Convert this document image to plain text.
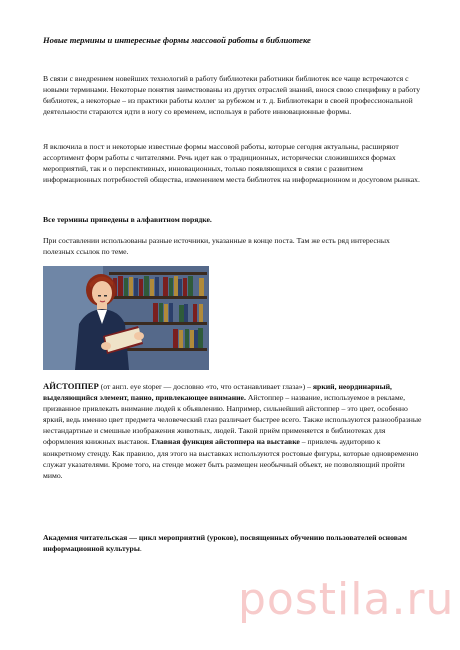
Новые термины и интересные формы массовой работы в библиотеке

В связи с внедрением новейших технологий в работу библиотеки работники библиотек все чаще встречаются с новыми терминами. Некоторые понятия заимствованы из других отраслей знаний, внося свою специфику в работу библиотек, а некоторые – из практики работы коллег за рубежом и т. д. Библиотекари в своей профессиональной деятельности стараются идти в ногу со временем, используя в работе инновационные формы.

Я включила в пост и некоторые известные формы массовой работы, которые сегодня актуальны, расширяют ассортимент форм работы с читателями. Речь идет как о традиционных, исторически сложившихся формах мероприятий, так и о перспективных, инновационных, только появляющихся в связи с развитием информационных потребностей общества, изменением места библиотек на информационном и досуговом рынках.

Все термины приведены в алфавитном порядке.

При составлении использованы разные источники, указанные в конце поста. Там же есть ряд интересных полезных ссылок по теме.

АЙСТОППЕР (от англ. eye stoper — дословно «то, что останавливает глаза») – яркий, неординарный, выделяющийся элемент, панно, привлекающее внимание. Айстоппер – название, используемое в рекламе, призванное привлекать внимание людей к объявлению. Например, сильнейший айстоппер – это цвет, особенно яркий, ведь именно цвет предмета человеческий глаз различает быстрее всего. Также используются разнообразные нестандартные и смешные изображения животных, людей. Такой приём применяется в библиотеках для оформления книжных выставок. Главная функция айстоппера на выставке – привлечь аудиторию к конкретному стенду. Как правило, для этого на выставках используются ростовые фигуры, которые одновременно служат указателями. Кроме того, на стенде может быть размещен необычный объект, не позволяющий пройти мимо.

Академия читательская — цикл мероприятий (уроков), посвященных обучению пользователей основам информационной культуры.

postila.ru
